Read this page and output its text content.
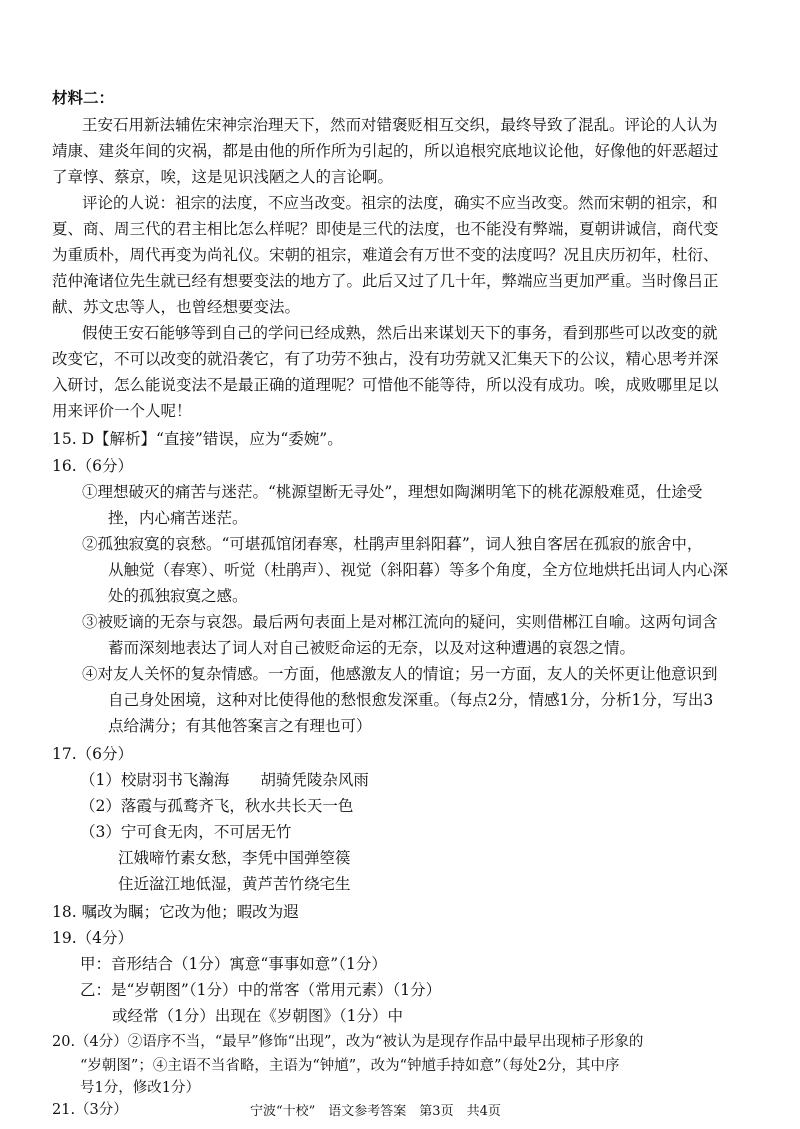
材料二：
王安石用新法辅佐宋神宗治理天下，然而对错褒贬相互交织，最终导致了混乱。评论的人认为
靖康、建炎年间的灾祸，都是由他的所作所为引起的，所以追根究底地议论他，好像他的奸恶超过
了章惇、蔡京，唉，这是见识浅陋之人的言论啊。
评论的人说：祖宗的法度，不应当改变。祖宗的法度，确实不应当改变。然而宋朝的祖宗，和
夏、商、周三代的君主相比怎么样呢？即使是三代的法度，也不能没有弊端，夏朝讲诚信，商代变
为重质朴，周代再变为尚礼仪。宋朝的祖宗，难道会有万世不变的法度吗？况且庆历初年，杜衍、
范仲淹诸位先生就已经有想要变法的地方了。此后又过了几十年，弊端应当更加严重。当时像吕正
献、苏文忠等人，也曾经想要变法。
假使王安石能够等到自己的学问已经成熟，然后出来谋划天下的事务，看到那些可以改变的就
改变它，不可以改变的就沿袭它，有了功劳不独占，没有功劳就又汇集天下的公议，精心思考并深
入研讨，怎么能说变法不是最正确的道理呢？可惜他不能等待，所以没有成功。唉，成败哪里足以
用来评价一个人呢！
15. D【解析】“直接”错误，应为“委婉”。
16.（6分）
①理想破灭的痛苦与迷茫。“桃源望断无寻处”，理想如陶渊明笔下的桃花源般难觅，仕途受
挫，内心痛苦迷茫。
②孤独寂寞的哀愁。“可堪孤馆闭春寒，杜鹃声里斜阳暮”，词人独自客居在孤寂的旅舍中，
从触觉（春寒）、听觉（杜鹃声）、视觉（斜阳暮）等多个角度，全方位地烘托出词人内心深
处的孤独寂寞之感。
③被贬谪的无奈与哀怨。最后两句表面上是对郴江流向的疑问，实则借郴江自喻。这两句词含
蓄而深刻地表达了词人对自己被贬命运的无奈，以及对这种遭遇的哀怨之情。
④对友人关怀的复杂情感。一方面，他感激友人的情谊；另一方面，友人的关怀更让他意识到
自己身处困境，这种对比使得他的愁恨愈发深重。（每点2分，情感1分，分析1分，写出3
点给满分；有其他答案言之有理也可）
17.（6分）
（1）校尉羽书飞瀚海　　胡骑凭陵杂风雨
（2）落霞与孤鹜齐飞，秋水共长天一色
（3）宁可食无肉，不可居无竹
江娥啼竹素女愁，李凭中国弹箜篌
住近湓江地低湿，黄芦苦竹绕宅生
18. 嘱改为瞩；它改为他；暇改为遐
19.（4分）
甲：音形结合（1分）寓意“事事如意”（1分）
乙：是“岁朝图”（1分）中的常客（常用元素）（1分）
或经常（1分）出现在《岁朝图》（1分）中
20.（4分）②语序不当，“最早”修饰“出现”，改为“被认为是现存作品中最早出现柿子形象的
“岁朝图”；④主语不当省略，主语为“钟馗”，改为“钟馗手持如意”（每处2分，其中序
号1分，修改1分）
21.（3分）	宁波“十校”　语文参考答案　第3页　共4页
